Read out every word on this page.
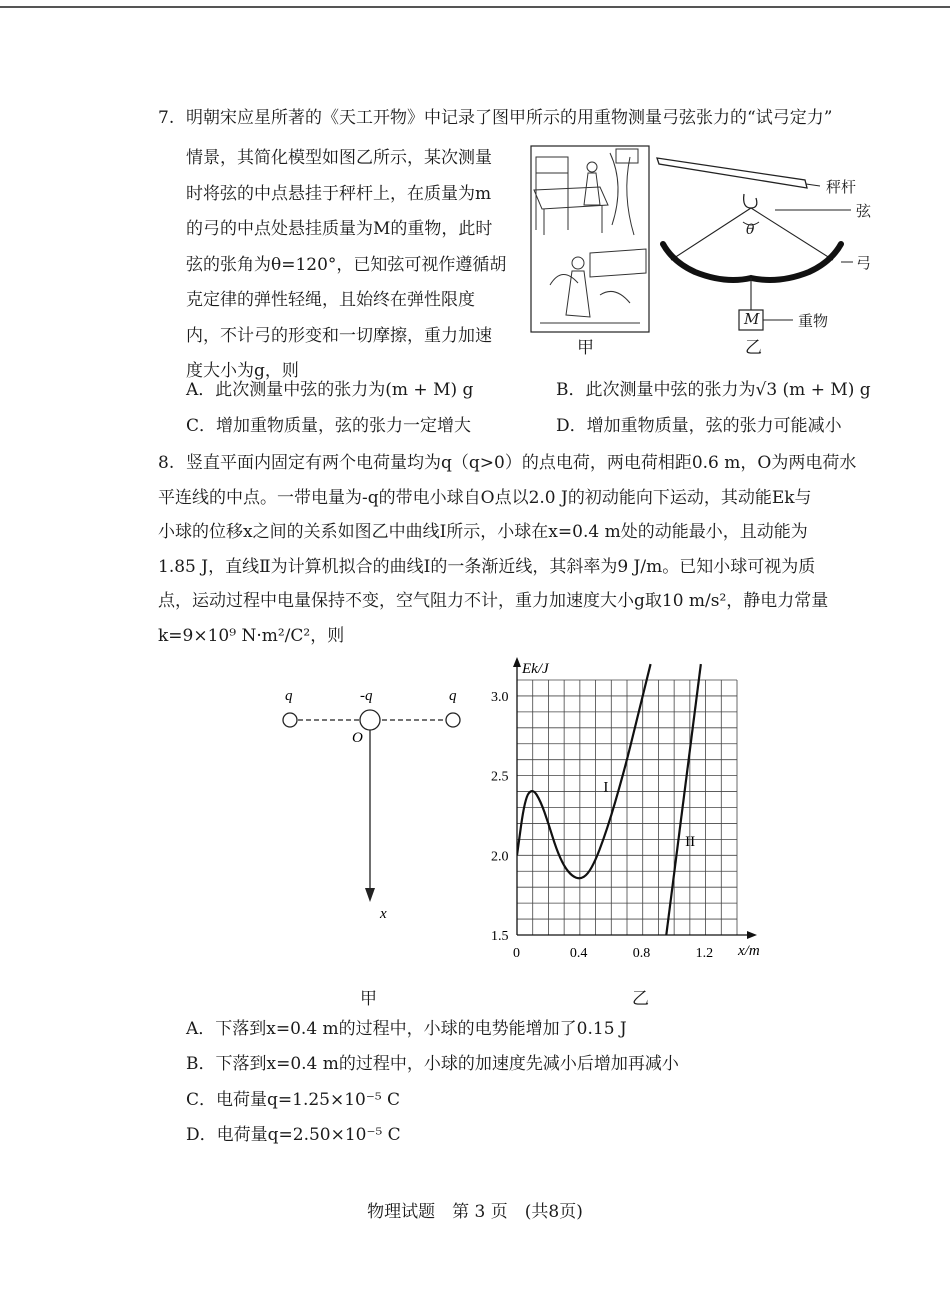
7. 明朝宋应星所著的《天工开物》中记录了图甲所示的用重物测量弓弦张力的“试弓定力”
情景，其简化模型如图乙所示，某次测量
时将弦的中点悬挂于秤杆上，在质量为m
的弓的中点处悬挂质量为M的重物，此时
弦的张角为θ=120°，已知弦可视作遵循胡
克定律的弹性轻绳，且始终在弹性限度
内，不计弓的形变和一切摩擦，重力加速
度大小为g，则
甲
秤杆
弦
弓
重物
M
θ
乙
A．此次测量中弦的张力为(m + M) g	B．此次测量中弦的张力为√3 (m + M) g
C．增加重物质量，弦的张力一定增大	D．增加重物质量，弦的张力可能减小
8. 竖直平面内固定有两个电荷量均为q（q>0）的点电荷，两电荷相距0.6 m，O为两电荷水
平连线的中点。一带电量为-q的带电小球自O点以2.0 J的初动能向下运动，其动能Ek与
小球的位移x之间的关系如图乙中曲线Ⅰ所示，小球在x=0.4 m处的动能最小，且动能为
1.85 J，直线Ⅱ为计算机拟合的曲线Ⅰ的一条渐近线，其斜率为9 J/m。已知小球可视为质
点，运动过程中电量保持不变，空气阻力不计，重力加速度大小g取10 m/s²，静电力常量
k=9×10⁹ N·m²/C²，则
q	-q	q
O
x
甲
1.5
2.0
2.5
3.0
0	0.4	0.8	1.2
I
II
Ek/J
x/m
乙
A．下落到x=0.4 m的过程中，小球的电势能增加了0.15 J
B．下落到x=0.4 m的过程中，小球的加速度先减小后增加再减小
C．电荷量q=1.25×10⁻⁵ C
D．电荷量q=2.50×10⁻⁵ C
物理试题　第 3 页　(共8页)
